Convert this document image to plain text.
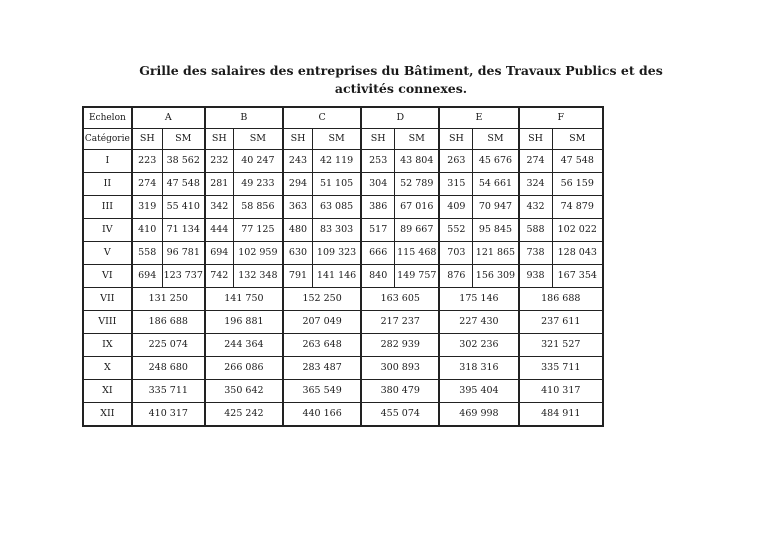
Grille des salaires des entreprises du Bâtiment, des Travaux Publics et des activités connexes.
Echelon	A		B		C		D		E		F	
Catégorie	SH	SM	SH	SM	SH	SM	SH	SM	SH	SM	SH	SM
I	223	38 562	232	40 247	243	42 119	253	43 804	263	45 676	274	47 548
II	274	47 548	281	49 233	294	51 105	304	52 789	315	54 661	324	56 159
III	319	55 410	342	58 856	363	63 085	386	67 016	409	70 947	432	74 879
IV	410	71 134	444	77 125	480	83 303	517	89 667	552	95 845	588	102 022
V	558	96 781	694	102 959	630	109 323	666	115 468	703	121 865	738	128 043
VI	694	123 737	742	132 348	791	141 146	840	149 757	876	156 309	938	167 354
VII	131 250		141 750		152 250		163 605		175 146		186 688	
VIII	186 688		196 881		207 049		217 237		227 430		237 611	
IX	225 074		244 364		263 648		282 939		302 236		321 527	
X	248 680		266 086		283 487		300 893		318 316		335 711	
XI	335 711		350 642		365 549		380 479		395 404		410 317	
XII	410 317		425 242		440 166		455 074		469 998		484 911	
